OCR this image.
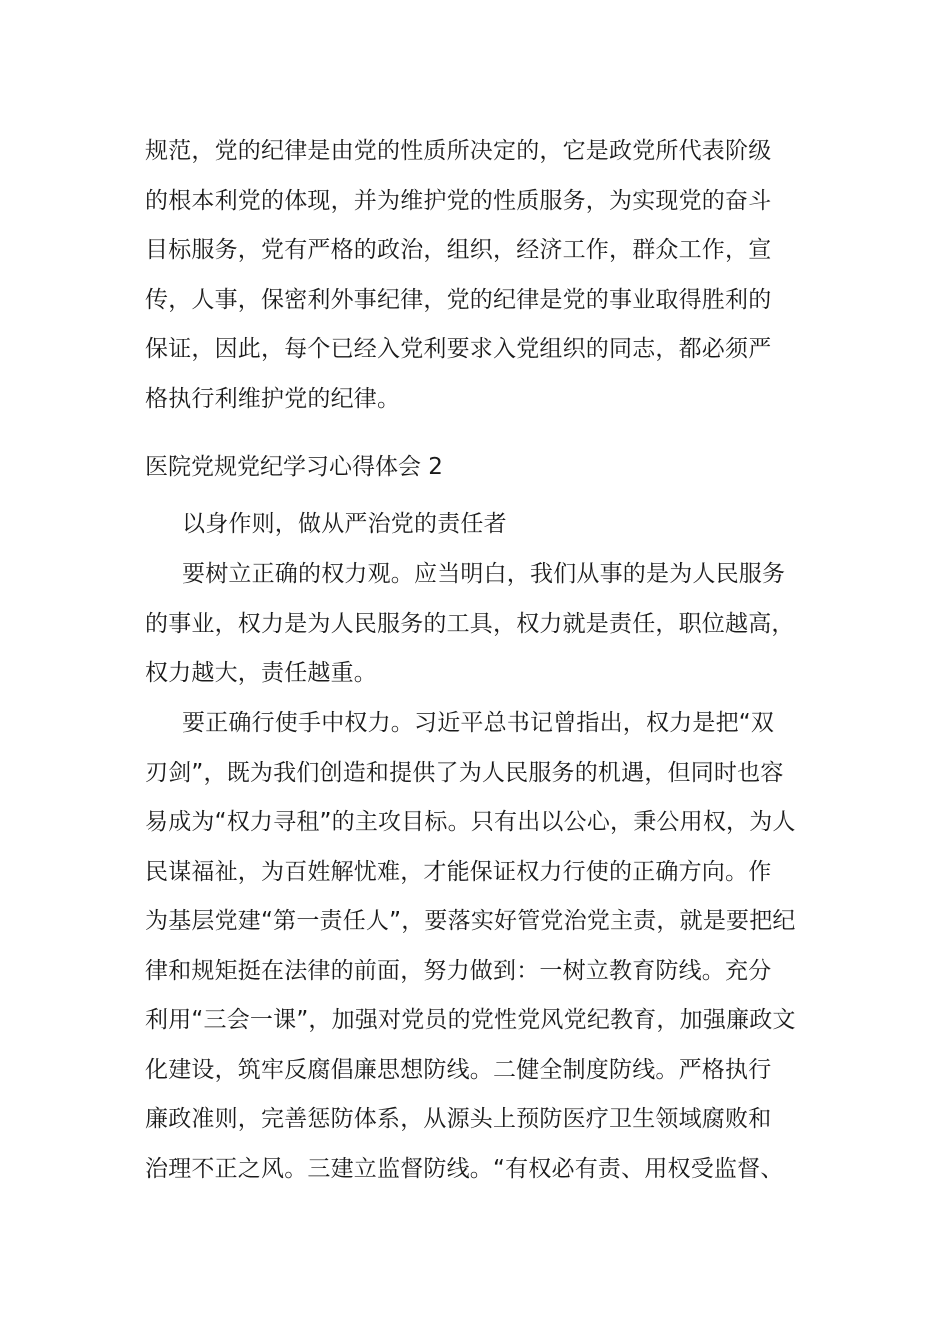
规范，党的纪律是由党的性质所决定的，它是政党所代表阶级
的根本利党的体现，并为维护党的性质服务，为实现党的奋斗
目标服务，党有严格的政治，组织，经济工作，群众工作，宣
传，人事，保密利外事纪律，党的纪律是党的事业取得胜利的
保证，因此，每个已经入党利要求入党组织的同志，都必须严
格执行利维护党的纪律。
医院党规党纪学习心得体会 2
以身作则，做从严治党的责任者
要树立正确的权力观。应当明白，我们从事的是为人民服务
的事业，权力是为人民服务的工具，权力就是责任，职位越高，
权力越大，责任越重。
要正确行使手中权力。习近平总书记曾指出，权力是把“双
刃剑”，既为我们创造和提供了为人民服务的机遇，但同时也容
易成为“权力寻租”的主攻目标。只有出以公心，秉公用权，为人
民谋福祉，为百姓解忧难，才能保证权力行使的正确方向。作
为基层党建“第一责任人”，要落实好管党治党主责，就是要把纪
律和规矩挺在法律的前面，努力做到：一树立教育防线。充分
利用“三会一课”，加强对党员的党性党风党纪教育，加强廉政文
化建设，筑牢反腐倡廉思想防线。二健全制度防线。严格执行
廉政准则，完善惩防体系，从源头上预防医疗卫生领域腐败和
治理不正之风。三建立监督防线。“有权必有责、用权受监督、
